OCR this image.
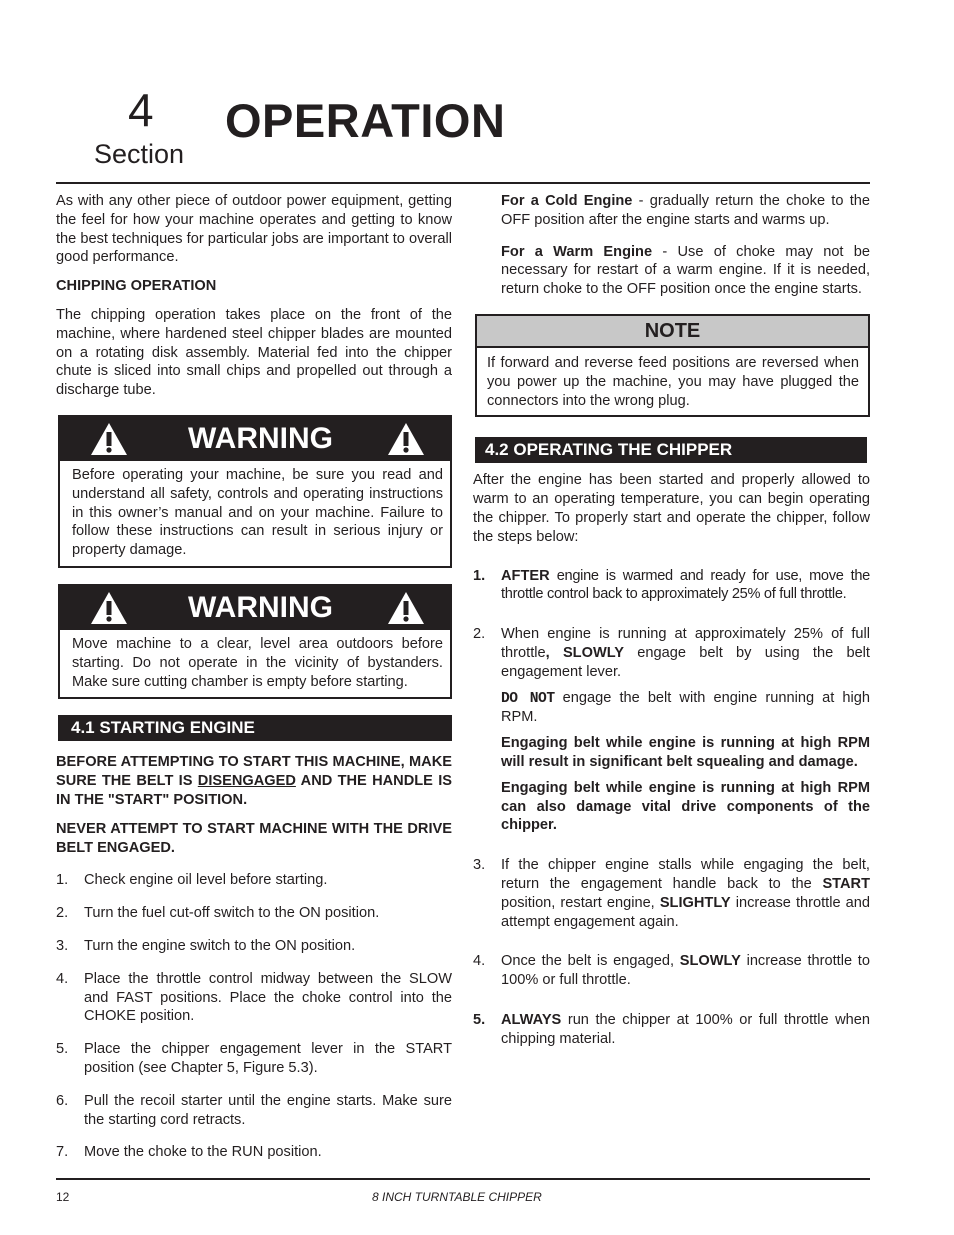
4
Section
OPERATION

As with any other piece of outdoor power equipment, getting the feel for how your machine operates and getting to know the best techniques for particular jobs are important to overall good performance.

CHIPPING OPERATION

The chipping operation takes place on the front of the machine, where hardened steel chipper blades are mounted on a rotating disk assembly. Material fed into the chipper chute is sliced into small chips and propelled out through a discharge tube.

WARNING
Before operating your machine, be sure you read and understand all safety, controls and operating instructions in this owner’s manual and on your machine. Failure to follow these instructions can result in serious injury or property damage.
WARNING
Move machine to a clear, level area outdoors before starting. Do not operate in the vicinity of bystanders. Make sure cutting chamber is empty before starting.
4.1 STARTING ENGINE

BEFORE ATTEMPTING TO START THIS MACHINE, MAKE SURE THE BELT IS DISENGAGED AND THE HANDLE IS IN THE "START" POSITION.

NEVER ATTEMPT TO START MACHINE WITH THE DRIVE BELT ENGAGED.

1. Check engine oil level before starting.
2. Turn the fuel cut-off switch to the ON position.
3. Turn the engine switch to the ON position.
4. Place the throttle control midway between the SLOW and FAST positions. Place the choke control into the CHOKE position.
5. Place the chipper engagement lever in the START position (see Chapter 5, Figure 5.3).
6. Pull the recoil starter until the engine starts. Make sure the starting cord retracts.
7. Move the choke to the RUN position.

For a Cold Engine - gradually return the choke to the OFF position after the engine starts and warms up.

For a Warm Engine - Use of choke may not be necessary for restart of a warm engine. If it is needed, return choke to the OFF position once the engine starts.

NOTE
If forward and reverse feed positions are reversed when you power up the machine, you may have plugged the connectors into the wrong plug.
4.2 OPERATING THE CHIPPER

After the engine has been started and properly allowed to warm to an operating temperature, you can begin operating the chipper. To properly start and operate the chipper, follow the steps below:

1. AFTER engine is warmed and ready for use, move the throttle control back to approximately 25% of full throttle.
2. When engine is running at approximately 25% of full throttle, SLOWLY engage belt by using the belt engagement lever.

DO NOT engage the belt with engine running at high RPM.

Engaging belt while engine is running at high RPM will result in significant belt squealing and damage.

Engaging belt while engine is running at high RPM can also damage vital drive components of the chipper.

3. If the chipper engine stalls while engaging the belt, return the engagement handle back to the START position, restart engine, SLIGHTLY increase throttle and attempt engagement again.
4. Once the belt is engaged, SLOWLY increase throttle to 100% or full throttle.
5. ALWAYS run the chipper at 100% or full throttle when chipping material.
12	8 INCH TURNTABLE CHIPPER
